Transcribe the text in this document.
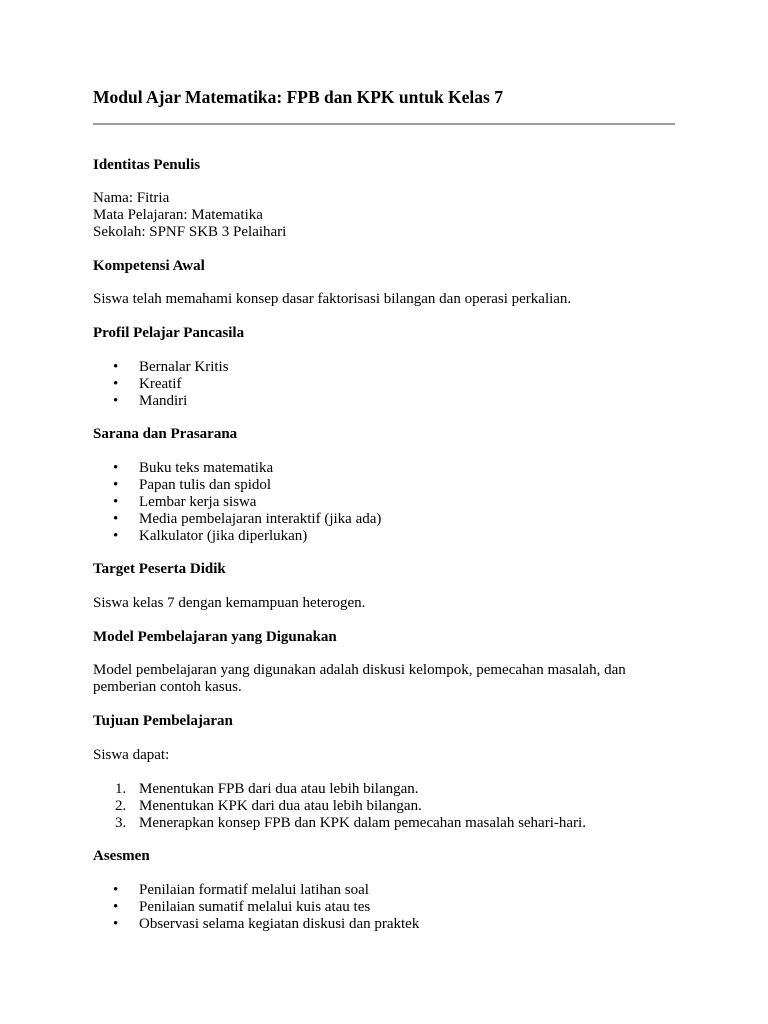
Modul Ajar Matematika: FPB dan KPK untuk Kelas 7
Identitas Penulis
Nama: Fitria
Mata Pelajaran: Matematika
Sekolah: SPNF SKB 3 Pelaihari
Kompetensi Awal
Siswa telah memahami konsep dasar faktorisasi bilangan dan operasi perkalian.
Profil Pelajar Pancasila
• Bernalar Kritis
• Kreatif
• Mandiri
Sarana dan Prasarana
• Buku teks matematika
• Papan tulis dan spidol
• Lembar kerja siswa
• Media pembelajaran interaktif (jika ada)
• Kalkulator (jika diperlukan)
Target Peserta Didik
Siswa kelas 7 dengan kemampuan heterogen.
Model Pembelajaran yang Digunakan
Model pembelajaran yang digunakan adalah diskusi kelompok, pemecahan masalah, dan
pemberian contoh kasus.
Tujuan Pembelajaran
Siswa dapat:
1. Menentukan FPB dari dua atau lebih bilangan.
2. Menentukan KPK dari dua atau lebih bilangan.
3. Menerapkan konsep FPB dan KPK dalam pemecahan masalah sehari-hari.
Asesmen
• Penilaian formatif melalui latihan soal
• Penilaian sumatif melalui kuis atau tes
• Observasi selama kegiatan diskusi dan praktek
